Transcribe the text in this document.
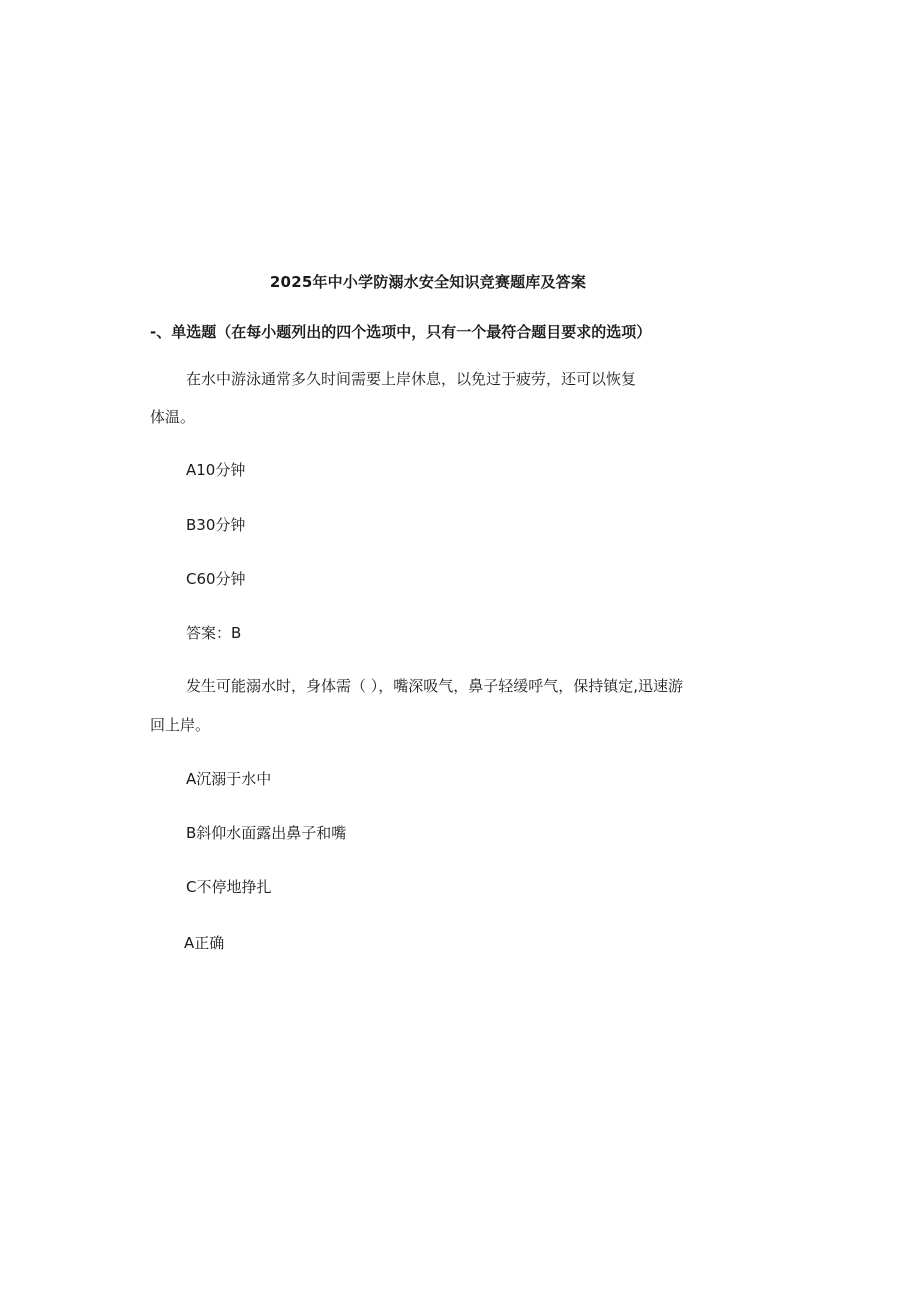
2025年中小学防溺水安全知识竞赛题库及答案
-、单选题（在每小题列出的四个选项中，只有一个最符合题目要求的选项）
在水中游泳通常多久时间需要上岸休息，以免过于疲劳，还可以恢复
体温。
A10分钟
B30分钟
C60分钟
答案：B
发生可能溺水时，身体需（ ），嘴深吸气，鼻子轻缓呼气，保持镇定,迅速游
回上岸。
A沉溺于水中
B斜仰水面露出鼻子和嘴
C不停地挣扎
A正确
